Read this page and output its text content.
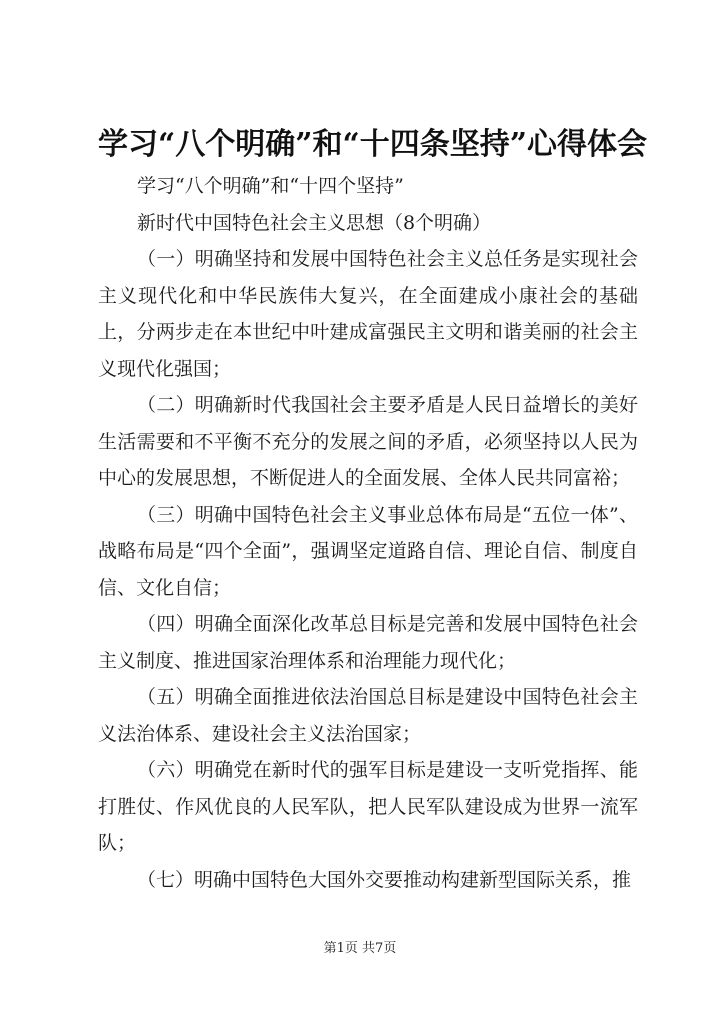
学习“八个明确”和“十四条坚持”心得体会

学习“八个明确”和“十四个坚持”

新时代中国特色社会主义思想（8个明确）

（一）明确坚持和发展中国特色社会主义总任务是实现社会主义现代化和中华民族伟大复兴，在全面建成小康社会的基础上，分两步走在本世纪中叶建成富强民主文明和谐美丽的社会主义现代化强国；

（二）明确新时代我国社会主要矛盾是人民日益增长的美好生活需要和不平衡不充分的发展之间的矛盾，必须坚持以人民为中心的发展思想，不断促进人的全面发展、全体人民共同富裕；

（三）明确中国特色社会主义事业总体布局是“五位一体”、战略布局是“四个全面”，强调坚定道路自信、理论自信、制度自信、文化自信；

（四）明确全面深化改革总目标是完善和发展中国特色社会主义制度、推进国家治理体系和治理能力现代化；

（五）明确全面推进依法治国总目标是建设中国特色社会主义法治体系、建设社会主义法治国家；

（六）明确党在新时代的强军目标是建设一支听党指挥、能打胜仗、作风优良的人民军队，把人民军队建设成为世界一流军队；

（七）明确中国特色大国外交要推动构建新型国际关系，推

第1页 共7页
